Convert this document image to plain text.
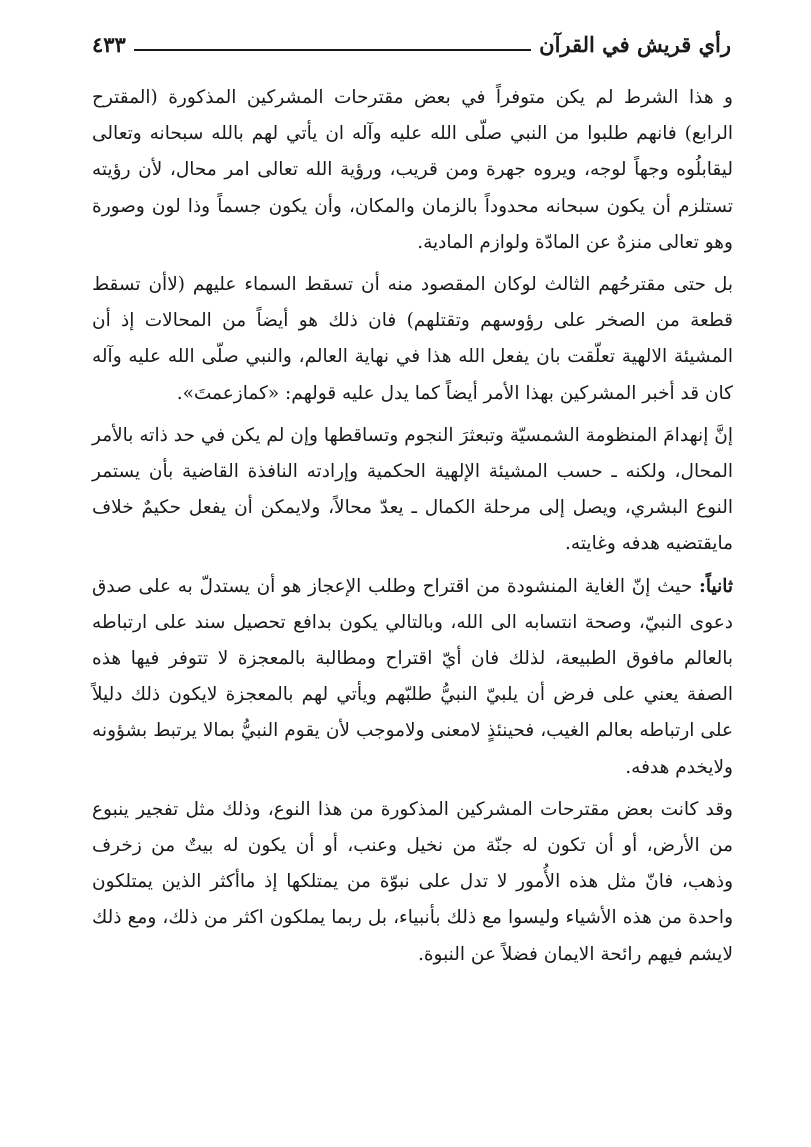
رأي قريش في القرآن
٤٣٣

و هذا الشرط لم يكن متوفراً في بعض مقترحات المشركين المذكورة (المقترح الرابع) فانهم طلبوا من النبي صلّى الله عليه وآله ان يأتي لهم بالله سبحانه وتعالى ليقابلُوه وجهاً لوجه، ويروه جهرة ومن قريب، ورؤية الله تعالى امر محال، لأن رؤيته تستلزم أن يكون سبحانه محدوداً بالزمان والمكان، وأن يكون جسماً وذا لون وصورة وهو تعالى منزهٌ عن المادّة ولوازم المادية.

بل حتى مقترحُهم الثالث لوكان المقصود منه أن تسقط السماء عليهم (لاأن تسقط قطعة من الصخر على رؤوسهم وتقتلهم) فان ذلك هو أيضاً من المحالات إذ أن المشيئة الالهية تعلّقت بان يفعل الله هذا في نهاية العالم، والنبي صلّى الله عليه وآله كان قد أخبر المشركين بهذا الأمر أيضاً كما يدل عليه قولهم: «كمازعمتَ».

إنَّ إنهدامَ المنظومة الشمسيّة وتبعثرَ النجوم وتساقطها وإن لم يكن في حد ذاته بالأمر المحال، ولكنه ـ حسب المشيئة الإلهية الحكمية وإرادته النافذة القاضية بأن يستمر النوع البشري، ويصل إلى مرحلة الكمال ـ يعدّ محالاً، ولايمكن أن يفعل حكيمٌ خلاف مايقتضيه هدفه وغايته.

ثانياً: حيث إنّ الغاية المنشودة من اقتراح وطلب الإعجاز هو أن يستدلّ به على صدق دعوى النبيّ، وصحة انتسابه الى الله، وبالتالي يكون بدافع تحصيل سند على ارتباطه بالعالم مافوق الطبيعة، لذلك فان أيّ اقتراح ومطالبة بالمعجزة لا تتوفر فيها هذه الصفة يعني على فرض أن يلبيّ النبيُّ طلبّهم ويأتي لهم بالمعجزة لايكون ذلك دليلاً على ارتباطه بعالم الغيب، فحينئذٍ لامعنى ولاموجب لأن يقوم النبيُّ بمالا يرتبط بشؤونه ولايخدم هدفه.

وقد كانت بعض مقترحات المشركين المذكورة من هذا النوع، وذلك مثل تفجير ينبوع من الأرض، أو أن تكون له جنّة من نخيل وعنب، أو أن يكون له بيتٌ من زخرف وذهب، فانّ مثل هذه الأُمور لا تدل على نبوّة من يمتلكها إذ ماأكثر الذين يمتلكون واحدة من هذه الأشياء وليسوا مع ذلك بأنبياء، بل ربما يملكون اكثر من ذلك، ومع ذلك لايشم فيهم رائحة الايمان فضلاً عن النبوة.
